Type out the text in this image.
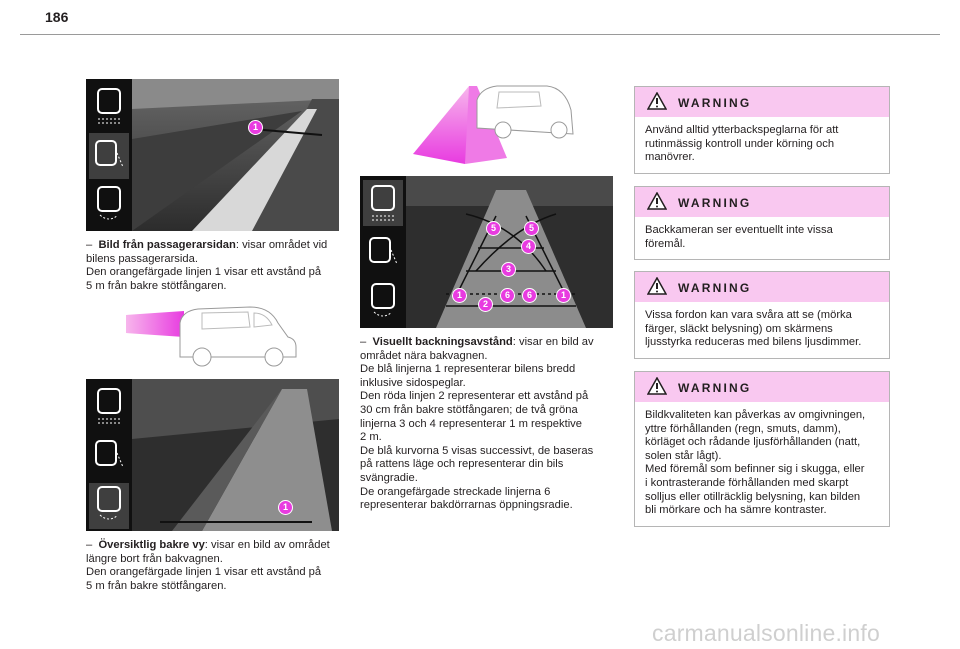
186
1
– Bild från passagerarsidan: visar området vid
bilens passagerarsida.
Den orangefärgade linjen 1 visar ett avstånd på
5 m från bakre stötfångaren.
1
– Översiktlig bakre vy: visar en bild av området
längre bort från bakvagnen.
Den orangefärgade linjen 1 visar ett avstånd på
5 m från bakre stötfångaren.
5	5
4
3
1
2
6	6	1
– Visuellt backningsavstånd: visar en bild av
området nära bakvagnen.
De blå linjerna 1 representerar bilens bredd
inklusive sidospeglar.
Den röda linjen 2 representerar ett avstånd på
30 cm från bakre stötfångaren; de två gröna
linjerna 3 och 4 representerar 1 m respektive
2 m.
De blå kurvorna 5 visas successivt, de baseras
på rattens läge och representerar din bils
svängradie.
De orangefärgade streckade linjerna 6
representerar bakdörrarnas öppningsradie.
WARNING
Använd alltid ytterbackspeglarna för att
rutinmässig kontroll under körning och
manövrer.
WARNING
Backkameran ser eventuellt inte vissa
föremål.
WARNING
Vissa fordon kan vara svåra att se (mörka
färger, släckt belysning) om skärmens
ljusstyrka reduceras med bilens ljusdimmer.
WARNING
Bildkvaliteten kan påverkas av omgivningen,
yttre förhållanden (regn, smuts, damm),
körläget och rådande ljusförhållanden (natt,
solen står lågt).
Med föremål som befinner sig i skugga, eller
i kontrasterande förhållanden med skarpt
solljus eller otillräcklig belysning, kan bilden
bli mörkare och ha sämre kontraster.
carmanualsonline.info
